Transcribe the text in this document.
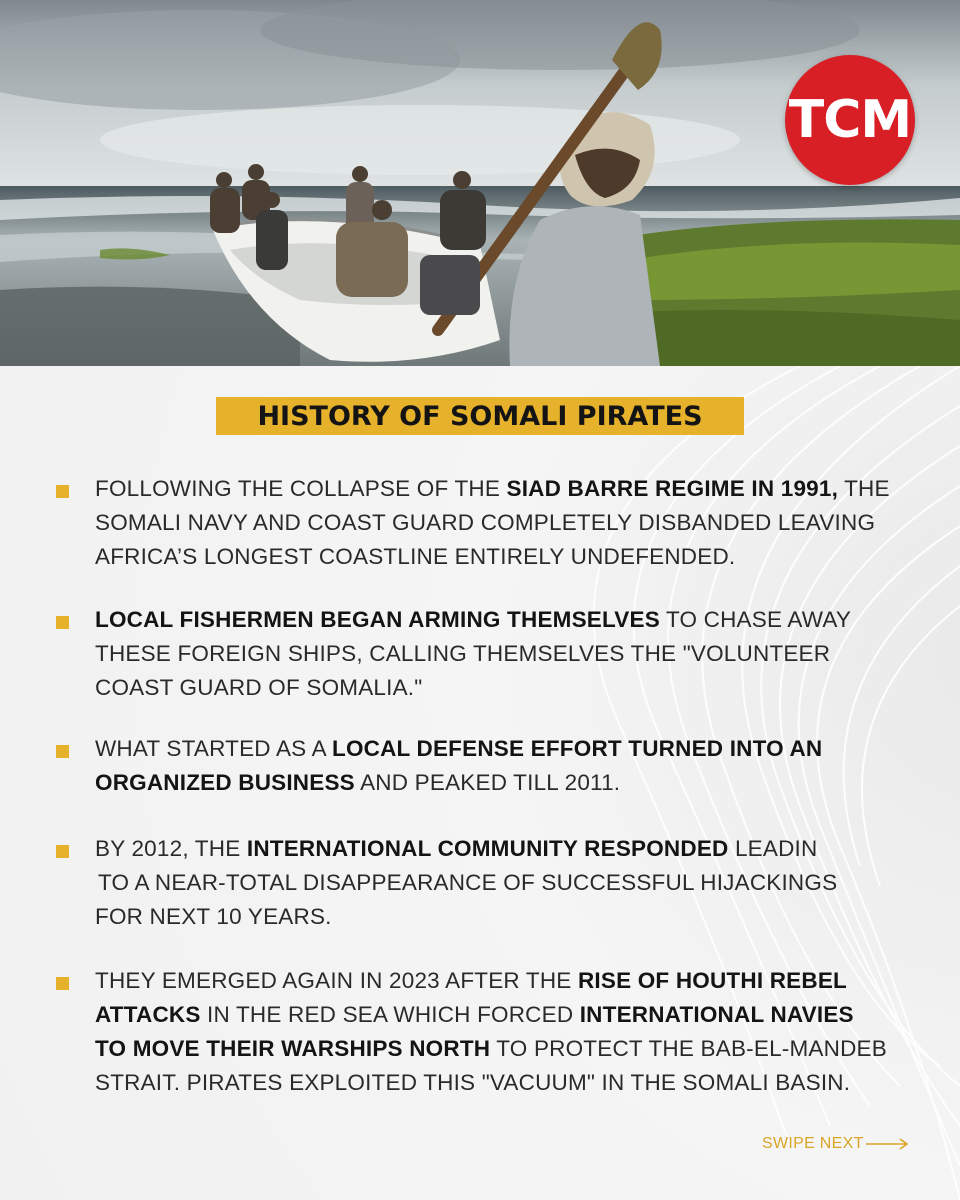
TCM
HISTORY OF SOMALI PIRATES
FOLLOWING THE COLLAPSE OF THE SIAD BARRE REGIME IN 1991, THE
SOMALI NAVY AND COAST GUARD COMPLETELY DISBANDED LEAVING
AFRICA’S LONGEST COASTLINE ENTIRELY UNDEFENDED.
LOCAL FISHERMEN BEGAN ARMING THEMSELVES TO CHASE AWAY
THESE FOREIGN SHIPS, CALLING THEMSELVES THE "VOLUNTEER
COAST GUARD OF SOMALIA."
WHAT STARTED AS A LOCAL DEFENSE EFFORT TURNED INTO AN
ORGANIZED BUSINESS AND PEAKED TILL 2011.
BY 2012, THE INTERNATIONAL COMMUNITY RESPONDED LEADIN
TO A NEAR-TOTAL DISAPPEARANCE OF SUCCESSFUL HIJACKINGS
FOR NEXT 10 YEARS.
THEY EMERGED AGAIN IN 2023 AFTER THE RISE OF HOUTHI REBEL
ATTACKS IN THE RED SEA WHICH FORCED INTERNATIONAL NAVIES
TO MOVE THEIR WARSHIPS NORTH TO PROTECT THE BAB-EL-MANDEB
STRAIT. PIRATES EXPLOITED THIS "VACUUM" IN THE SOMALI BASIN.
SWIPE NEXT
